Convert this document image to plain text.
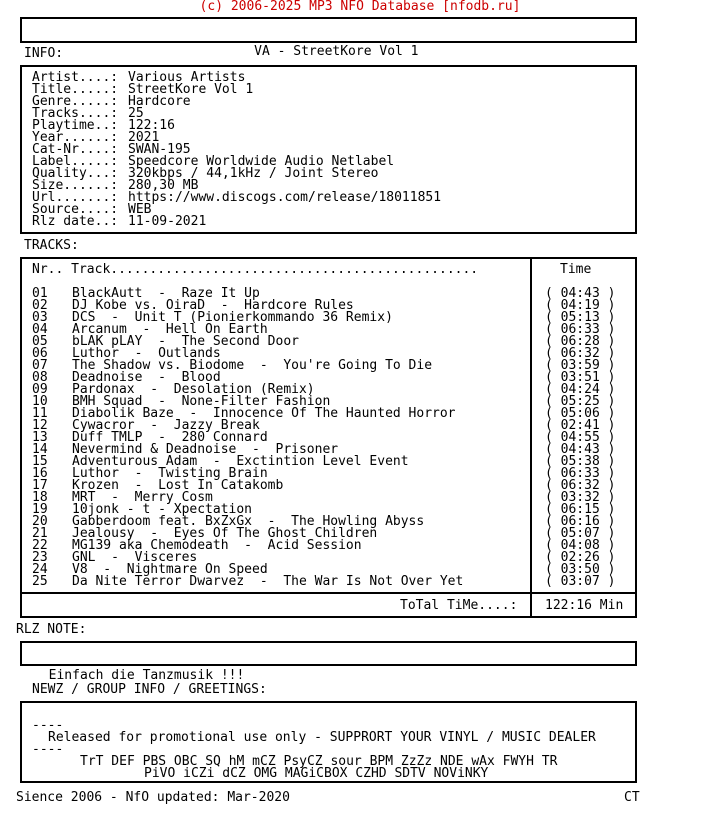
(c) 2006-2025 MP3 NFO Database [nfodb.ru]

VA - StreetKore Vol 1

INFO:
Artist....: Various Artists
Title.....: StreetKore Vol 1
Genre.....: Hardcore
Tracks....: 25
Playtime..: 122:16
Year......: 2021
Cat-Nr....: SWAN-195
Label.....: Speedcore Worldwide Audio Netlabel
Quality...: 320kbps / 44,1kHz / Joint Stereo
Size......: 280,30 MB
Url.......: https://www.discogs.com/release/18011851
Source....: WEB
Rlz date..: 11-09-2021
TRACKS:
Nr.. Track...............................................	Time
01 BlackAutt  -  Raze It Up	( 04:43 )
02 DJ Kobe vs. OiraD  -  Hardcore Rules	( 04:19 )
03 DCS  -  Unit T (Pionierkommando 36 Remix)	( 05:13 )
04 Arcanum  -  Hell On Earth	( 06:33 )
05 bLAK pLAY  -  The Second Door	( 06:28 )
06 Luthor  -  Outlands	( 06:32 )
07 The Shadow vs. Biodome  -  You're Going To Die	( 03:59 )
08 Deadnoise  -  Blood	( 03:51 )
09 Pardonax  -  Desolation (Remix)	( 04:24 )
10 BMH Squad  -  None-Filter Fashion	( 05:25 )
11 Diabolik Baze  -  Innocence Of The Haunted Horror	( 05:06 )
12 Cywacror  -  Jazzy Break	( 02:41 )
13 Duff TMLP  -  280 Connard	( 04:55 )
14 Nevermind & Deadnoise  -  Prisoner	( 04:43 )
15 Adventurous Adam  -  Exctintion Level Event	( 05:38 )
16 Luthor  -  Twisting Brain	( 06:33 )
17 Krozen  -  Lost In Catakomb	( 06:32 )
18 MRT  -  Merry Cosm	( 03:32 )
19 10jonk - t - Xpectation	( 06:15 )
20 Gabberdoom feat. BxZxGx  -  The Howling Abyss	( 06:16 )
21 Jealousy  -  Eyes Of The Ghost Children	( 05:07 )
22 MG139 aka Chemodeath  -  Acid Session	( 04:08 )
23 GNL  -  Visceres	( 02:26 )
24 V8  -  Nightmare On Speed	( 03:50 )
25 Da Nite Terror Dwarvez  -  The War Is Not Over Yet	( 03:07 )
ToTal TiMe....: 122:16 Min
RLZ NOTE:

Einfach die Tanzmusik !!!

NEWZ / GROUP INFO / GREETINGS:
----
Released for promotional use only - SUPPRORT YOUR VINYL / MUSIC DEALER
----
TrT DEF PBS OBC SQ hM mCZ PsyCZ sour BPM ZzZz NDE wAx FWYH TR
PiVO iCZi dCZ OMG MAGiCBOX CZHD SDTV NOViNKY
Sience 2006 - NfO updated: Mar-2020	CT
